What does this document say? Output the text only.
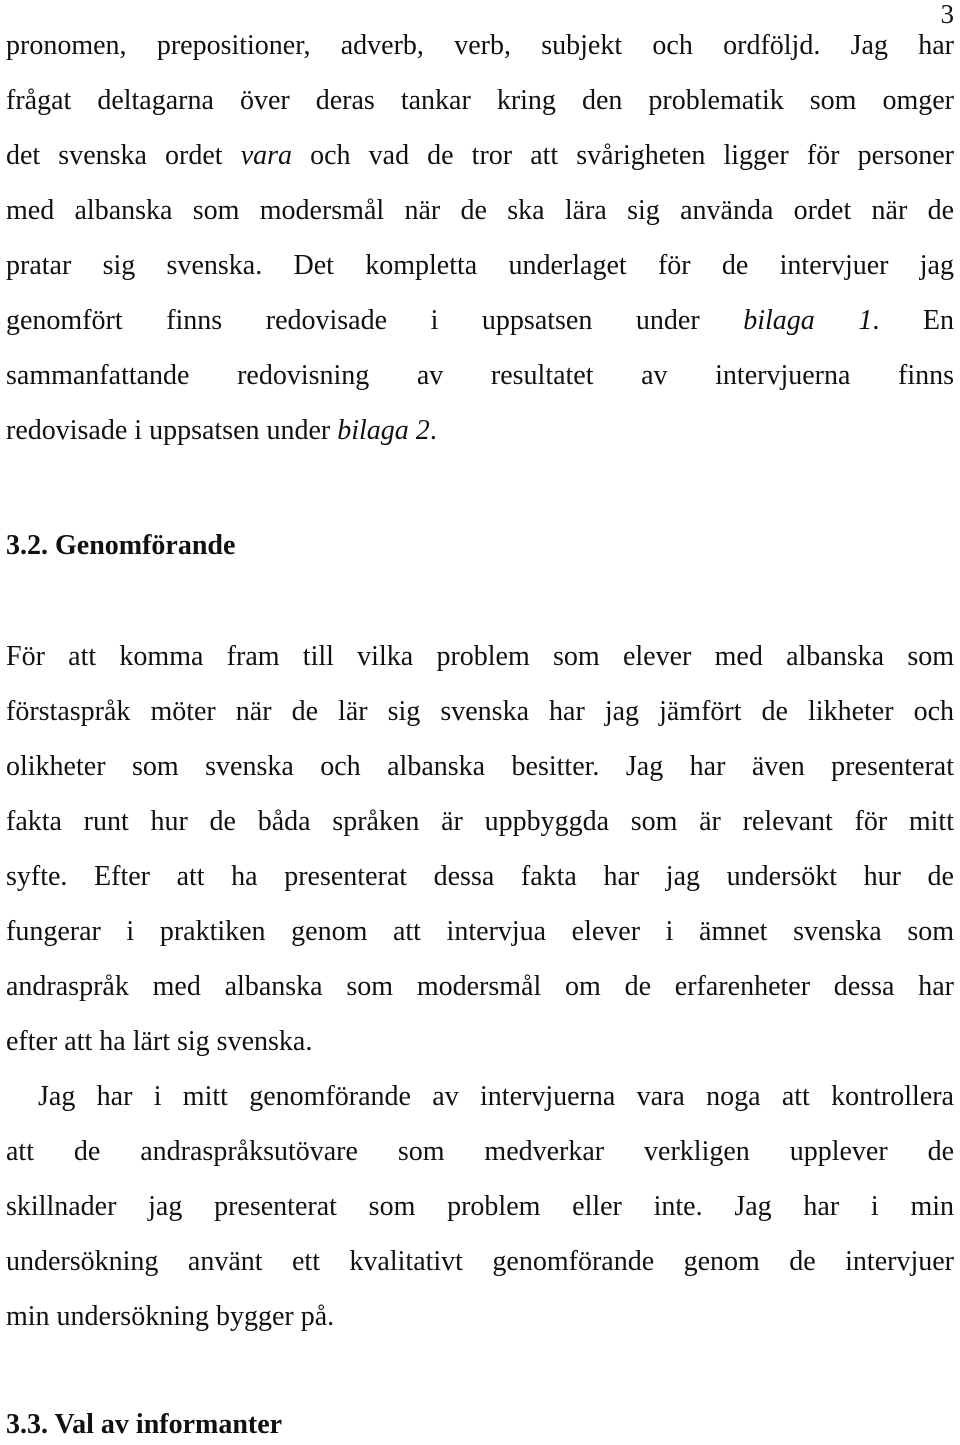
3
pronomen, prepositioner, adverb, verb, subjekt och ordföljd. Jag har
frågat deltagarna över deras tankar kring den problematik som omger
det svenska ordet vara och vad de tror att svårigheten ligger för personer
med albanska som modersmål när de ska lära sig använda ordet när de
pratar sig svenska. Det kompletta underlaget för de intervjuer jag
genomfört finns redovisade i uppsatsen under bilaga 1. En
sammanfattande redovisning av resultatet av intervjuerna finns
redovisade i uppsatsen under bilaga 2.
3.2. Genomförande
För att komma fram till vilka problem som elever med albanska som
förstaspråk möter när de lär sig svenska har jag jämfört de likheter och
olikheter som svenska och albanska besitter. Jag har även presenterat
fakta runt hur de båda språken är uppbyggda som är relevant för mitt
syfte. Efter att ha presenterat dessa fakta har jag undersökt hur de
fungerar i praktiken genom att intervjua elever i ämnet svenska som
andraspråk med albanska som modersmål om de erfarenheter dessa har
efter att ha lärt sig svenska.
Jag har i mitt genomförande av intervjuerna vara noga att kontrollera
att de andraspråksutövare som medverkar verkligen upplever de
skillnader jag presenterat som problem eller inte. Jag har i min
undersökning använt ett kvalitativt genomförande genom de intervjuer
min undersökning bygger på.
3.3. Val av informanter
